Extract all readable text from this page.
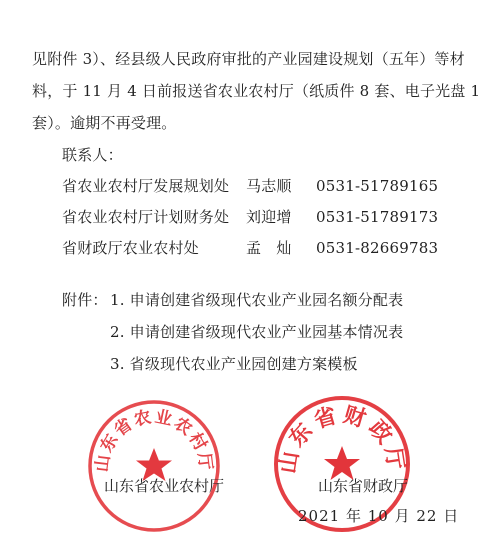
见附件 3）、经县级人民政府审批的产业园建设规划（五年）等材
料，于 11 月 4 日前报送省农业农村厅（纸质件 8 套、电子光盘 1
套）。逾期不再受理。
联系人：
省农业农村厅发展规划处 马志顺 0531-51789165
省农业农村厅计划财务处 刘迎增 0531-51789173
省财政厅农业农村处	孟　灿 0531-82669783
附件： 1. 申请创建省级现代农业产业园名额分配表
2. 申请创建省级现代农业产业园基本情况表
3. 省级现代农业产业园创建方案模板
山东省农业农村厅	山东省财政厅
山东省农业农村厅	山东省财政厅
2021 年 10 月 22 日
